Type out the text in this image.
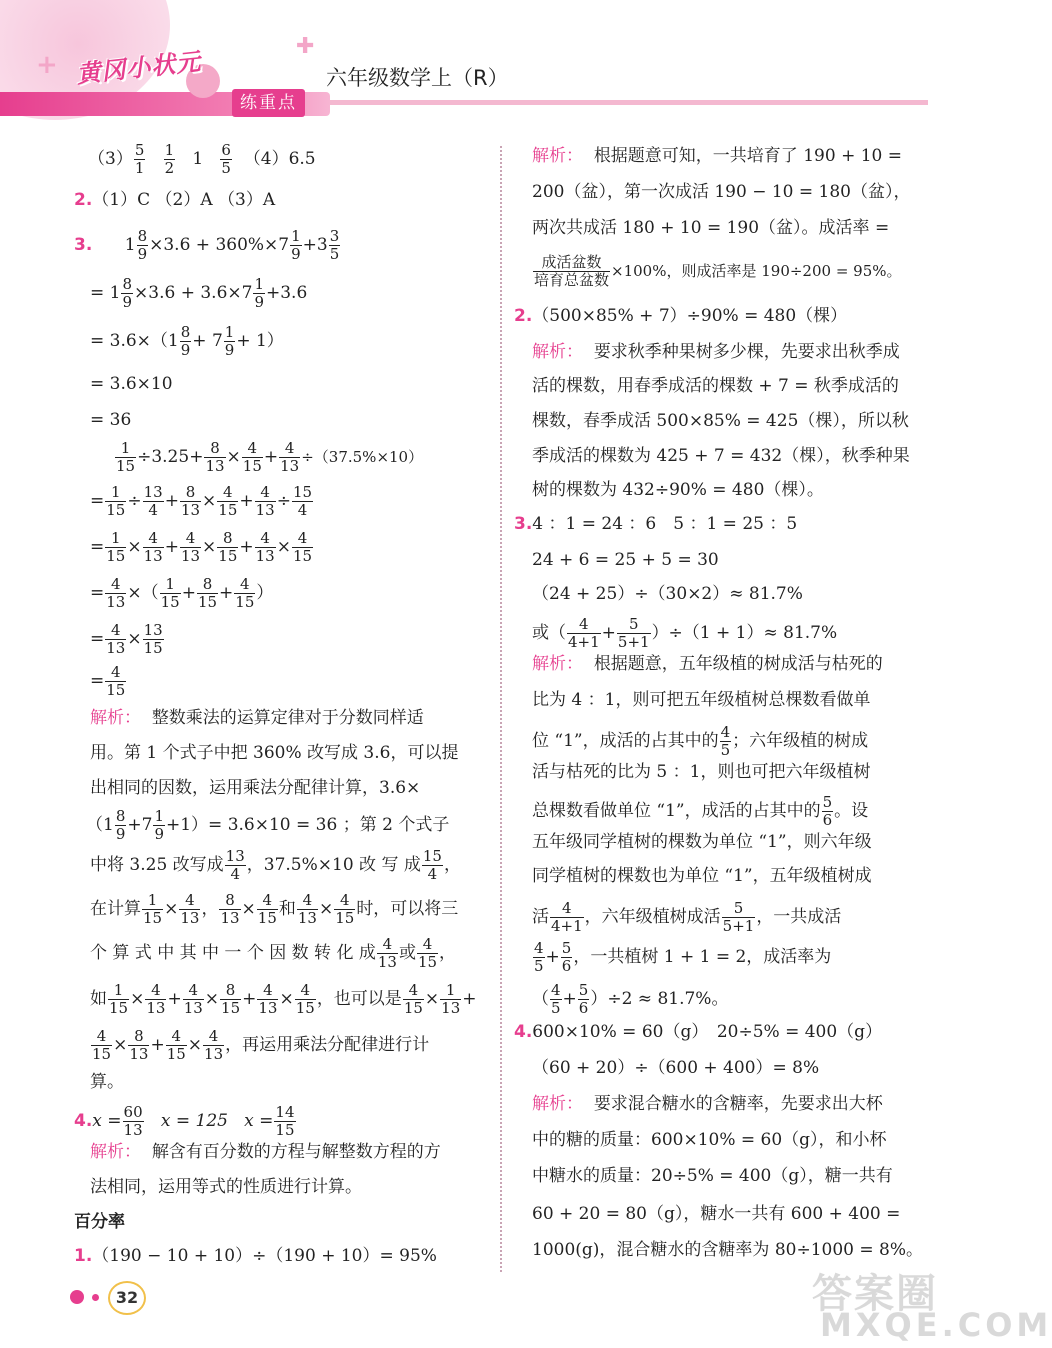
+
✚
黄冈小状元
练重点
六年级数学上（R）
$(3) \frac{5}{1}$
$\frac{1}{2} 1 \frac{6}{5} (4)6.5$
2.（1）C （2）A （3）A
3. $1 \frac{8}{9} \times 3.6 + 360\%\times 7 \frac{1}{9} +3 \frac{3}{5}$
= $1 \frac{8}{9} \times 3.6 + 3.6\times 7 \frac{1}{9} +3.6$
= $3.6\times(1 \frac{8}{9} + 7 \frac{1}{9} + 1)$
= 3.6×10
= 36
$\frac{1}{15} \div 3.25+ \frac{8}{13} \times \frac{4}{15} + \frac{4}{13} \div(37.5\%\times 10)$
= $\frac{1}{15} \div \frac{13}{4} + \frac{8}{13} \times \frac{4}{15} + \frac{4}{13} \div \frac{15}{4}$
= $\frac{1}{15} \times \frac{4}{13} + \frac{4}{13} \times \frac{8}{15} + \frac{4}{13} \times \frac{4}{15}$
= $\frac{4}{13}$ ×（ $\frac{1}{15} + \frac{8}{15} + \frac{4}{15}$ ）
= $\frac{4}{13} \times \frac{13}{15}$
= $\frac{4}{15}$
解析： 整数乘法的运算定律对于分数同样适
用。第 1 个式子中把 360% 改写成 3.6，可以提
出相同的因数，运用乘法分配律计算，3.6×
$(1 \frac{8}{9} +7 \frac{1}{9} +1)= 3.6\times 10 = 36$ ；第 2 个式子
中将 3.25 改写成 $\frac{13}{4}$ ，37.5%×10 改 写 成 $\frac{15}{4}$ ，
在计算 $\frac{1}{15} \times \frac{4}{13}$ ， $\frac{8}{13} \times \frac{4}{15}$ 和 $\frac{4}{13} \times \frac{4}{15}$ 时，可以将三
个 算 式 中 其 中 一 个 因 数 转 化 成 $\frac{4}{13}$ 或 $\frac{4}{15}$ ，
如 $\frac{1}{15} \times \frac{4}{13} + \frac{4}{13} \times \frac{8}{15} + \frac{4}{13} \times \frac{4}{15}$ ，也可以是 $\frac{4}{15} \times \frac{1}{13}$ +
$\frac{4}{15} \times \frac{8}{13} + \frac{4}{15} \times \frac{4}{13}$ ，再运用乘法分配律进行计
算。
$4.x = \frac{60}{13}$ x = 125 $x = \frac{14}{15}$
解析： 解含有百分数的方程与解整数方程的方
法相同，运用等式的性质进行计算。
百分率
1.（190 − 10 + 10）÷（190 + 10）= 95%
解析： 根据题意可知，一共培育了 190 + 10 =
200（盆），第一次成活 190 − 10 = 180（盆），
两次共成活 180 + 10 = 190（盆）。成活率 =
$\frac{\text{成活盆数}}{\text{培育总盆数}} \times 100\%$，则成活率是 190÷200 = 95%。
2.（500×85% + 7）÷90% = 480（棵）
解析： 要求秋季种果树多少棵，先要求出秋季成
活的棵数，用春季成活的棵数 + 7 = 秋季成活的
棵数，春季成活 500×85% = 425（棵），所以秋
季成活的棵数为 425 + 7 = 432（棵），秋季种果
树的棵数为 432÷90% = 480（棵）。
3.4 ：1 = 24 ：6　5 ：1 = 25 ：5
24 + 6 = 25 + 5 = 30
（24 + 25）÷（30×2）≈ 81.7%
或（ $\frac{4}{4+1} + \frac{5}{5+1} )\div(1 + 1)\approx 81.7\%$
解析： 根据题意，五年级植的树成活与枯死的
比为 4 ：1，则可把五年级植树总棵数看做单
位 “1”，成活的占其中的 $\frac{4}{5}$ ；六年级植的树成
活与枯死的比为 5 ：1，则也可把六年级植树
总棵数看做单位 “1”，成活的占其中的 $\frac{5}{6}$ 。设
五年级同学植树的棵数为单位 “1”，则六年级
同学植树的棵数也为单位 “1”，五年级植树成
活 $\frac{4}{4+1}$ ，六年级植树成活 $\frac{5}{5+1}$ ，一共成活
$\frac{4}{5} + \frac{5}{6}$ ，一共植树 1 + 1 = 2，成活率为
（ $\frac{4}{5} + \frac{5}{6} )\div 2 \approx 81.7\%$。
4.600×10% = 60（g）　20÷5% = 400（g）
（60 + 20）÷（600 + 400）= 8%
解析： 要求混合糖水的含糖率，先要求出大杯
中的糖的质量：600×10% = 60（g），和小杯
中糖水的质量：20÷5% = 400（g），糖一共有
60 + 20 = 80（g），糖水一共有 600 + 400 =
1000(g)，混合糖水的含糖率为 80÷1000 = 8%。
32	答案圈
MXQE.COM
